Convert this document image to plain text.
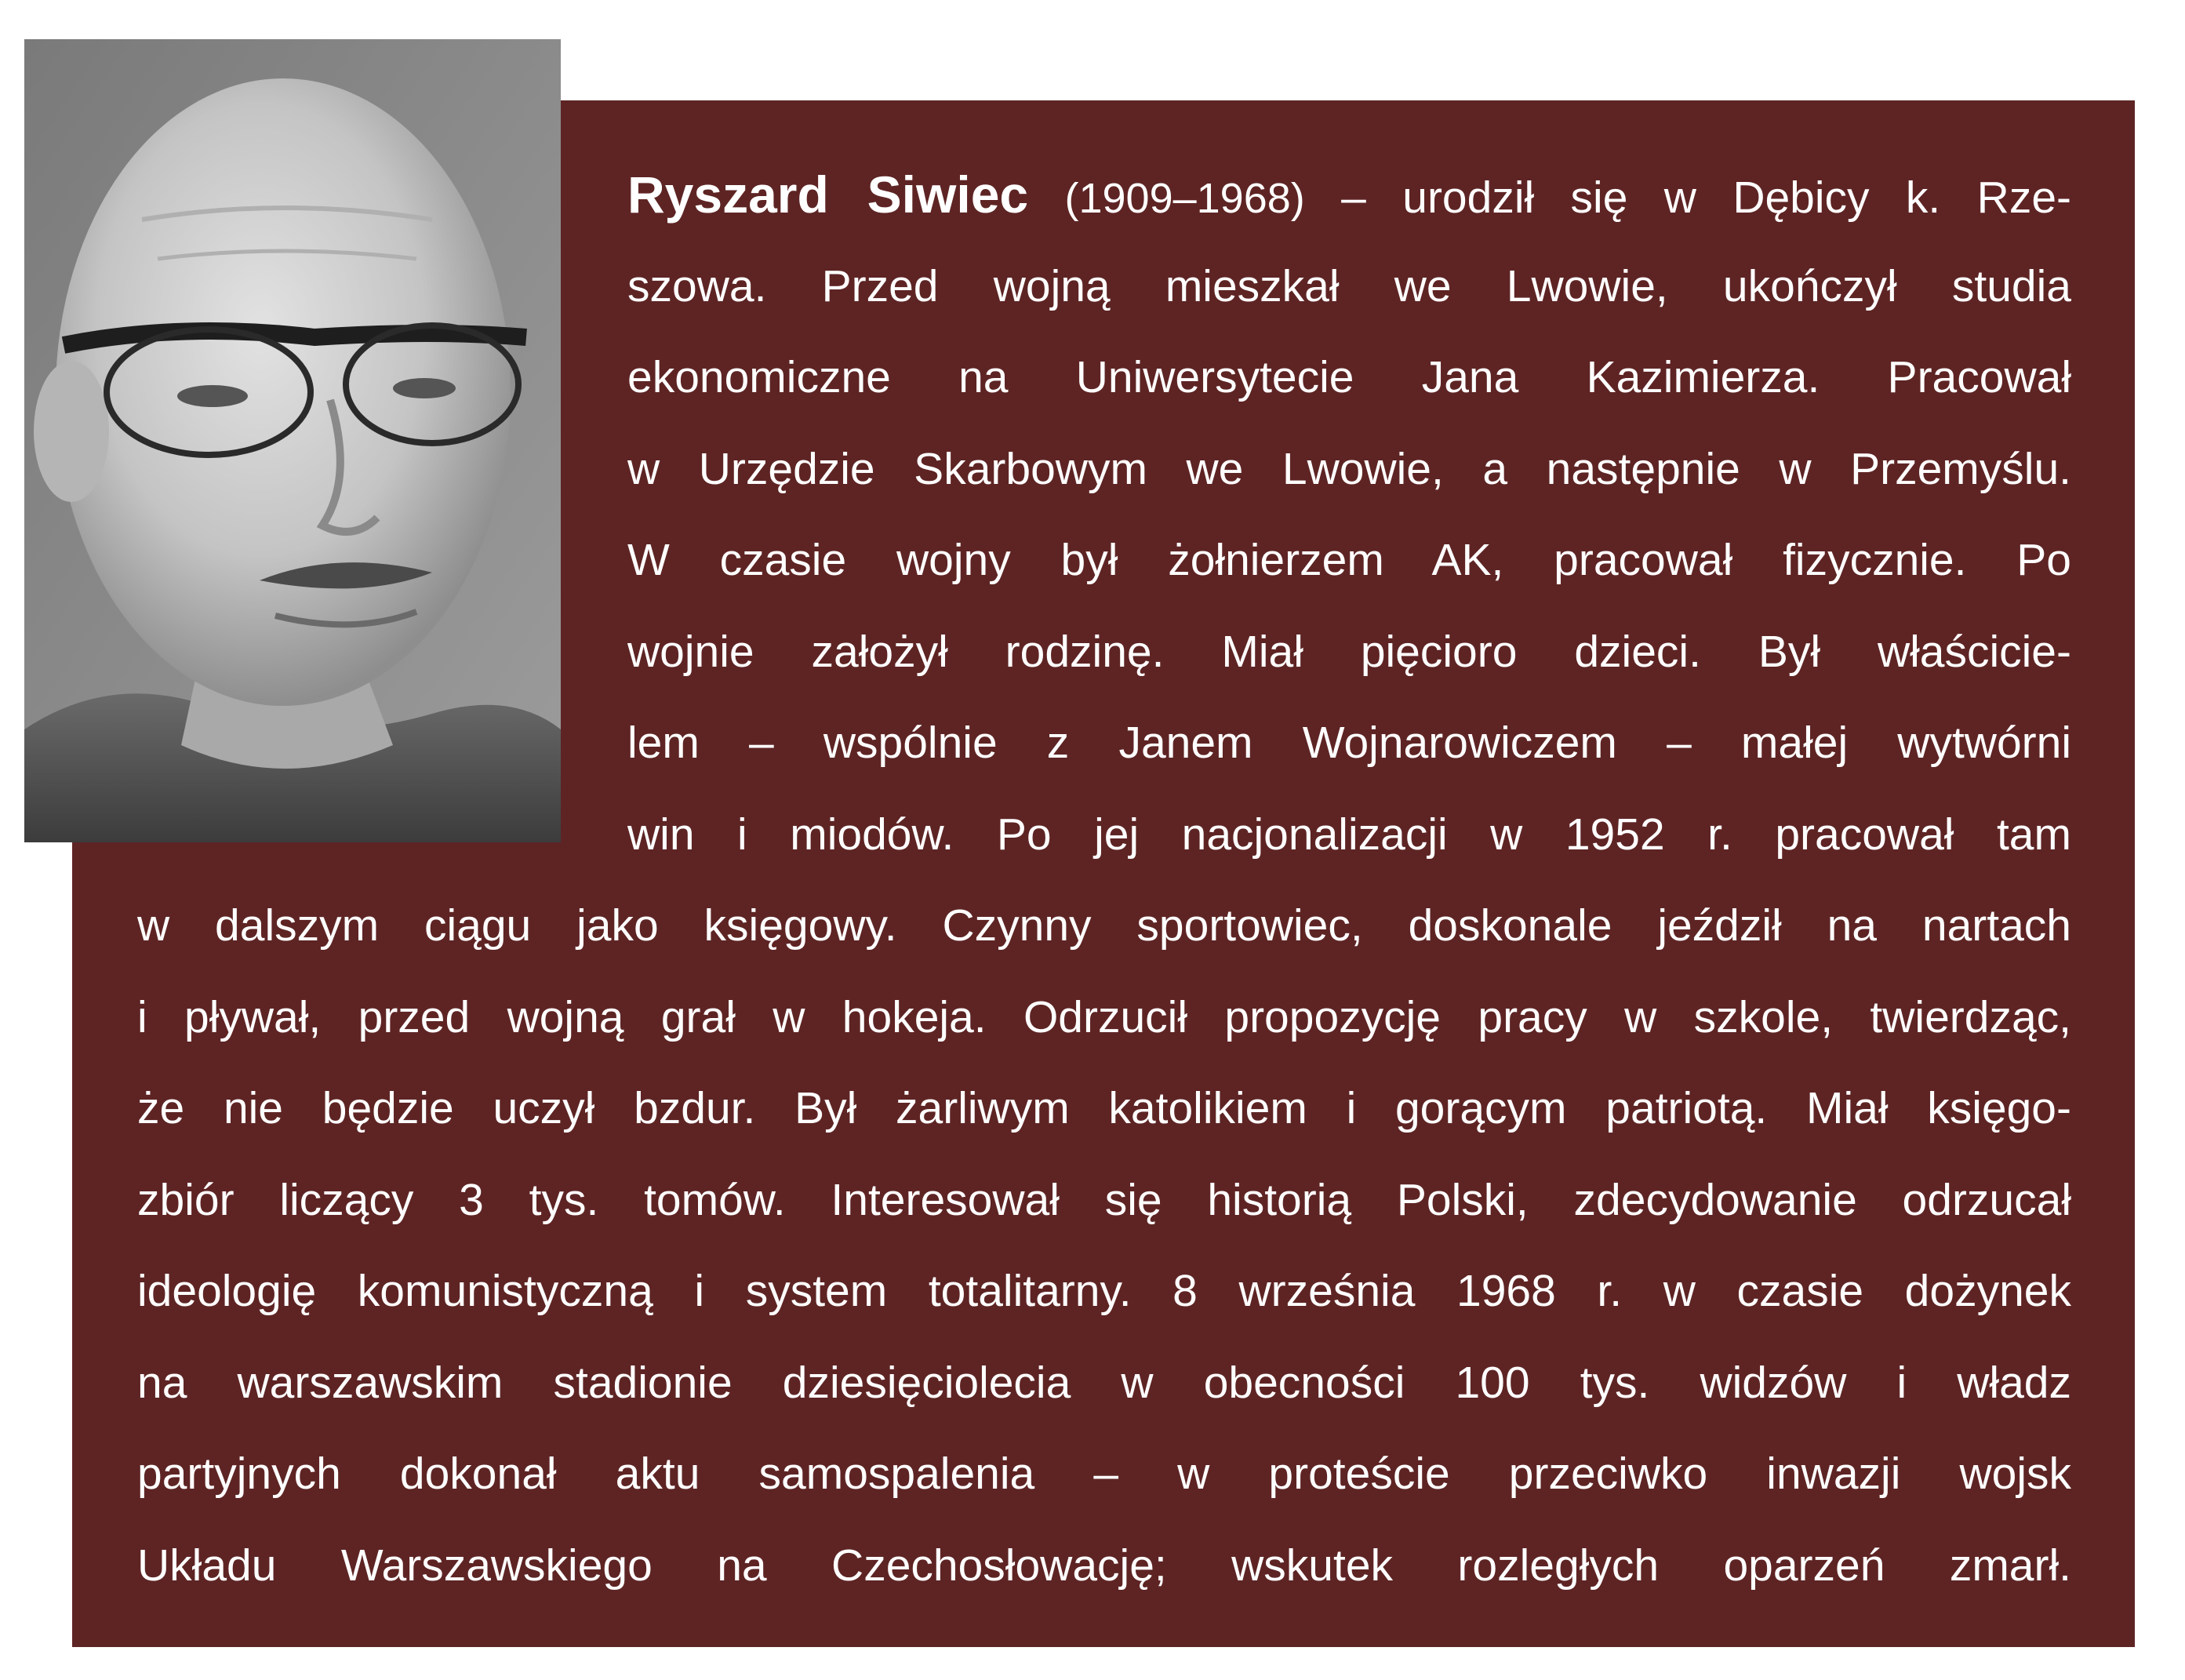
Ryszard Siwiec (1909–1968) – urodził się w Dębicy k. Rze-
szowa. Przed wojną mieszkał we Lwowie, ukończył studia
ekonomiczne na Uniwersytecie Jana Kazimierza. Pracował
w Urzędzie Skarbowym we Lwowie, a następnie w Przemyślu.
W czasie wojny był żołnierzem AK, pracował fizycznie. Po
wojnie założył rodzinę. Miał pięcioro dzieci. Był właścicie-
lem – wspólnie z Janem Wojnarowiczem – małej wytwórni
win i miodów. Po jej nacjonalizacji w 1952 r. pracował tam
w dalszym ciągu jako księgowy. Czynny sportowiec, doskonale jeździł na nartach
i pływał, przed wojną grał w hokeja. Odrzucił propozycję pracy w szkole, twierdząc,
że nie będzie uczył bzdur. Był żarliwym katolikiem i gorącym patriotą. Miał księgo-
zbiór liczący 3 tys. tomów. Interesował się historią Polski, zdecydowanie odrzucał
ideologię komunistyczną i system totalitarny. 8 września 1968 r. w czasie dożynek
na warszawskim stadionie dziesięciolecia w obecności 100 tys. widzów i władz
partyjnych dokonał aktu samospalenia – w proteście przeciwko inwazji wojsk
Układu Warszawskiego na Czechosłowację; wskutek rozległych oparzeń zmarł.
